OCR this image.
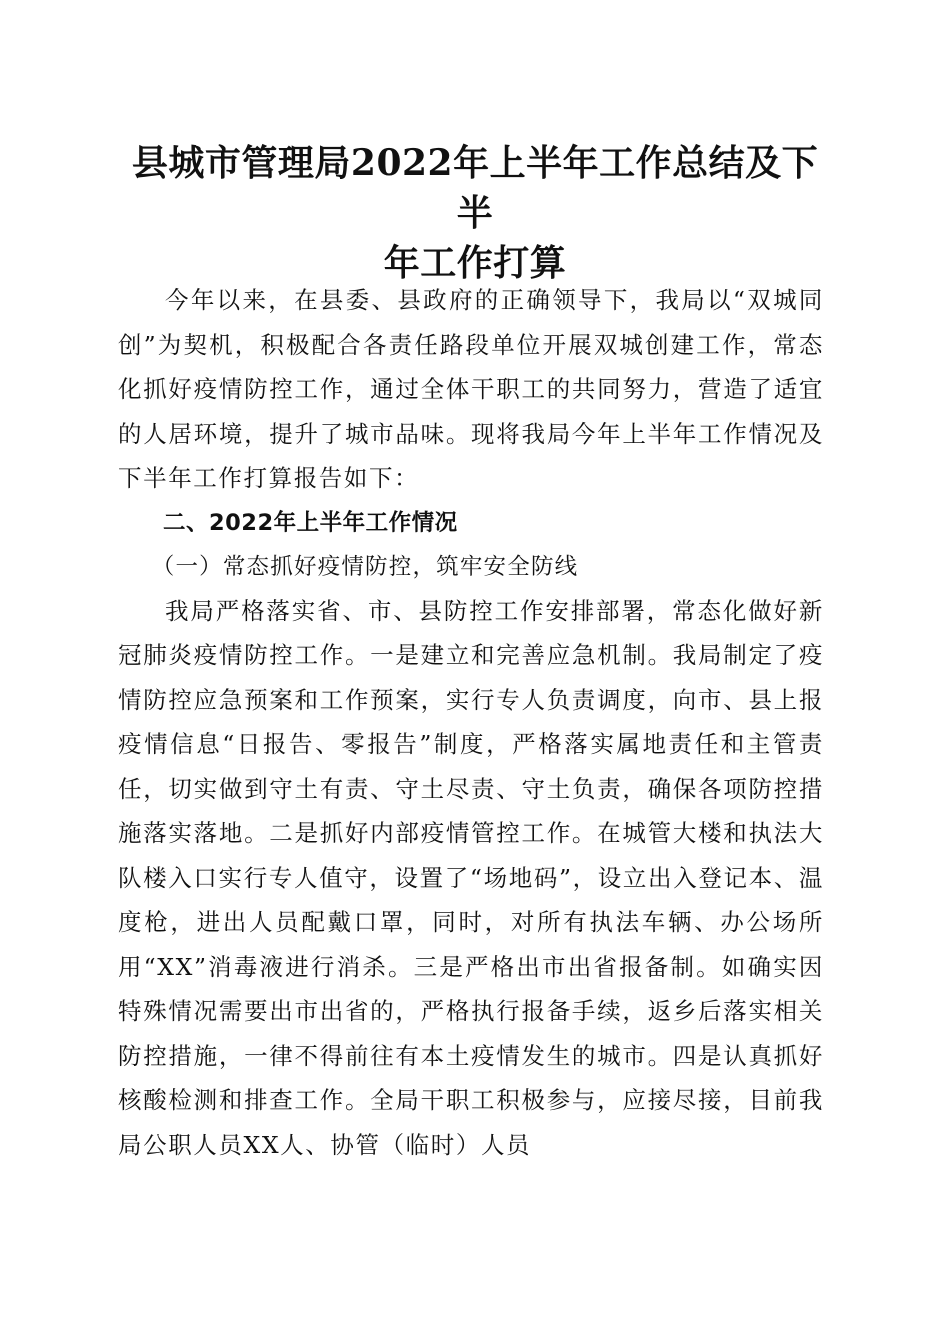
县城市管理局2022年上半年工作总结及下半
年工作打算

今年以来，在县委、县政府的正确领导下，我局以“双城同创”为契机，积极配合各责任路段单位开展双城创建工作，常态化抓好疫情防控工作，通过全体干职工的共同努力，营造了适宜的人居环境，提升了城市品味。现将我局今年上半年工作情况及下半年工作打算报告如下：

二、2022年上半年工作情况

（一）常态抓好疫情防控，筑牢安全防线

我局严格落实省、市、县防控工作安排部署，常态化做好新冠肺炎疫情防控工作。一是建立和完善应急机制。我局制定了疫情防控应急预案和工作预案，实行专人负责调度，向市、县上报疫情信息“日报告、零报告”制度，严格落实属地责任和主管责任，切实做到守土有责、守土尽责、守土负责，确保各项防控措施落实落地。二是抓好内部疫情管控工作。在城管大楼和执法大队楼入口实行专人值守，设置了“场地码”，设立出入登记本、温度枪，进出人员配戴口罩，同时，对所有执法车辆、办公场所用“XX”消毒液进行消杀。三是严格出市出省报备制。如确实因特殊情况需要出市出省的，严格执行报备手续，返乡后落实相关防控措施，一律不得前往有本土疫情发生的城市。四是认真抓好核酸检测和排查工作。全局干职工积极参与，应接尽接，目前我局公职人员XX人、协管（临时）人员
